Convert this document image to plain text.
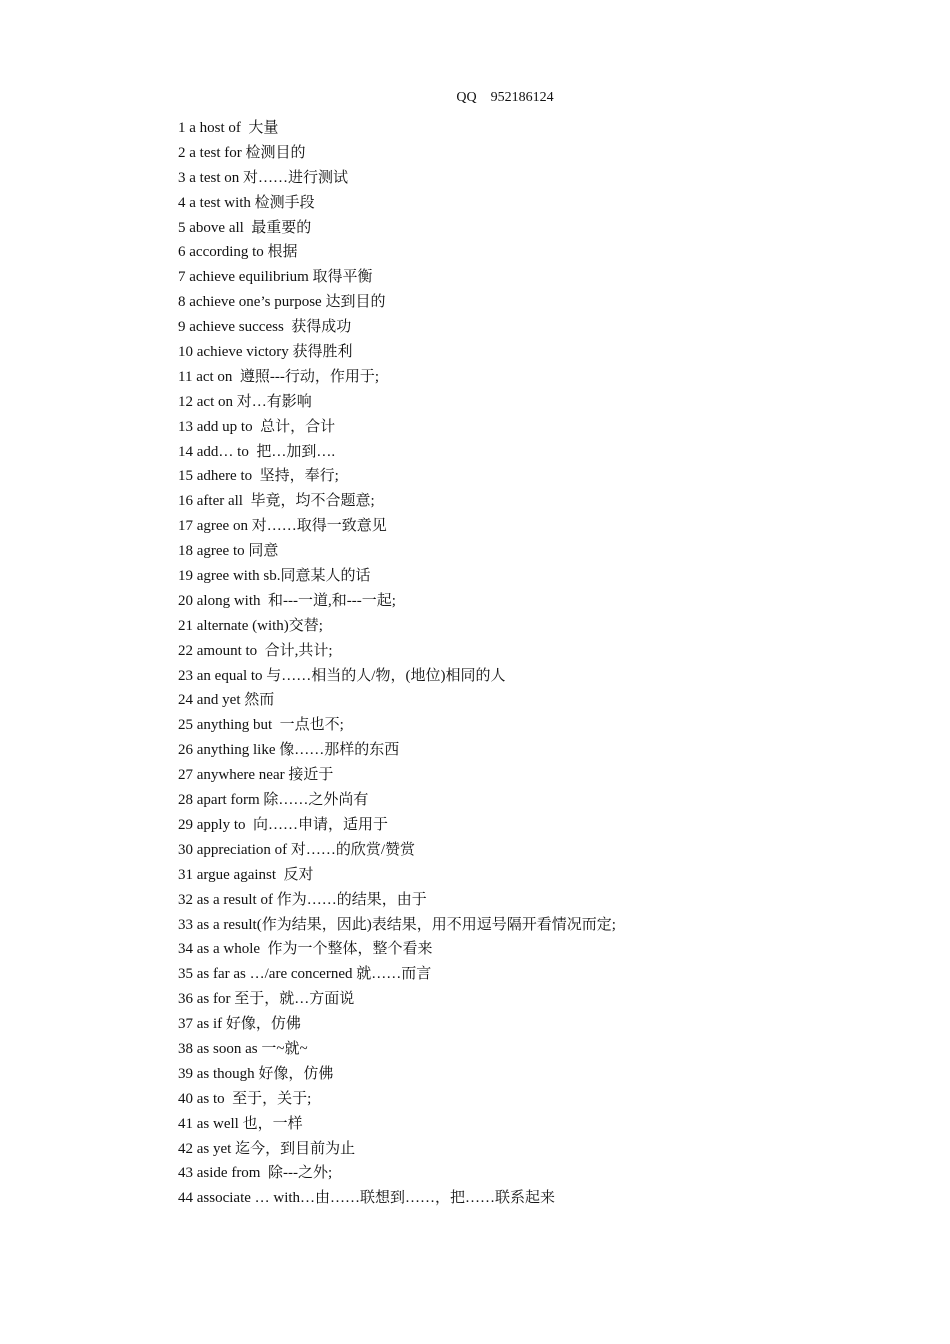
QQ    952186124
1 a host of  大量
2 a test for 检测目的
3 a test on 对……进行测试
4 a test with 检测手段
5 above all  最重要的
6 according to 根据
7 achieve equilibrium 取得平衡
8 achieve one’s purpose 达到目的
9 achieve success  获得成功
10 achieve victory 获得胜利
11 act on  遵照---行动，作用于;
12 act on 对…有影响
13 add up to  总计，合计
14 add… to  把…加到….
15 adhere to  坚持，奉行;
16 after all  毕竟，均不合题意;
17 agree on 对……取得一致意见
18 agree to 同意
19 agree with sb.同意某人的话
20 along with  和---一道,和---一起;
21 alternate (with)交替;
22 amount to  合计,共计;
23 an equal to 与……相当的人/物，(地位)相同的人
24 and yet 然而
25 anything but  一点也不;
26 anything like 像……那样的东西
27 anywhere near 接近于
28 apart form 除……之外尚有
29 apply to  向……申请，适用于
30 appreciation of 对……的欣赏/赞赏
31 argue against  反对
32 as a result of 作为……的结果，由于
33 as a result(作为结果，因此)表结果，用不用逗号隔开看情况而定;
34 as a whole  作为一个整体，整个看来
35 as far as …/are concerned 就……而言
36 as for 至于，就…方面说
37 as if 好像，仿佛
38 as soon as 一~就~
39 as though 好像，仿佛
40 as to  至于，关于;
41 as well 也，一样
42 as yet 迄今，到目前为止
43 aside from  除---之外;
44 associate … with…由……联想到……，把……联系起来
